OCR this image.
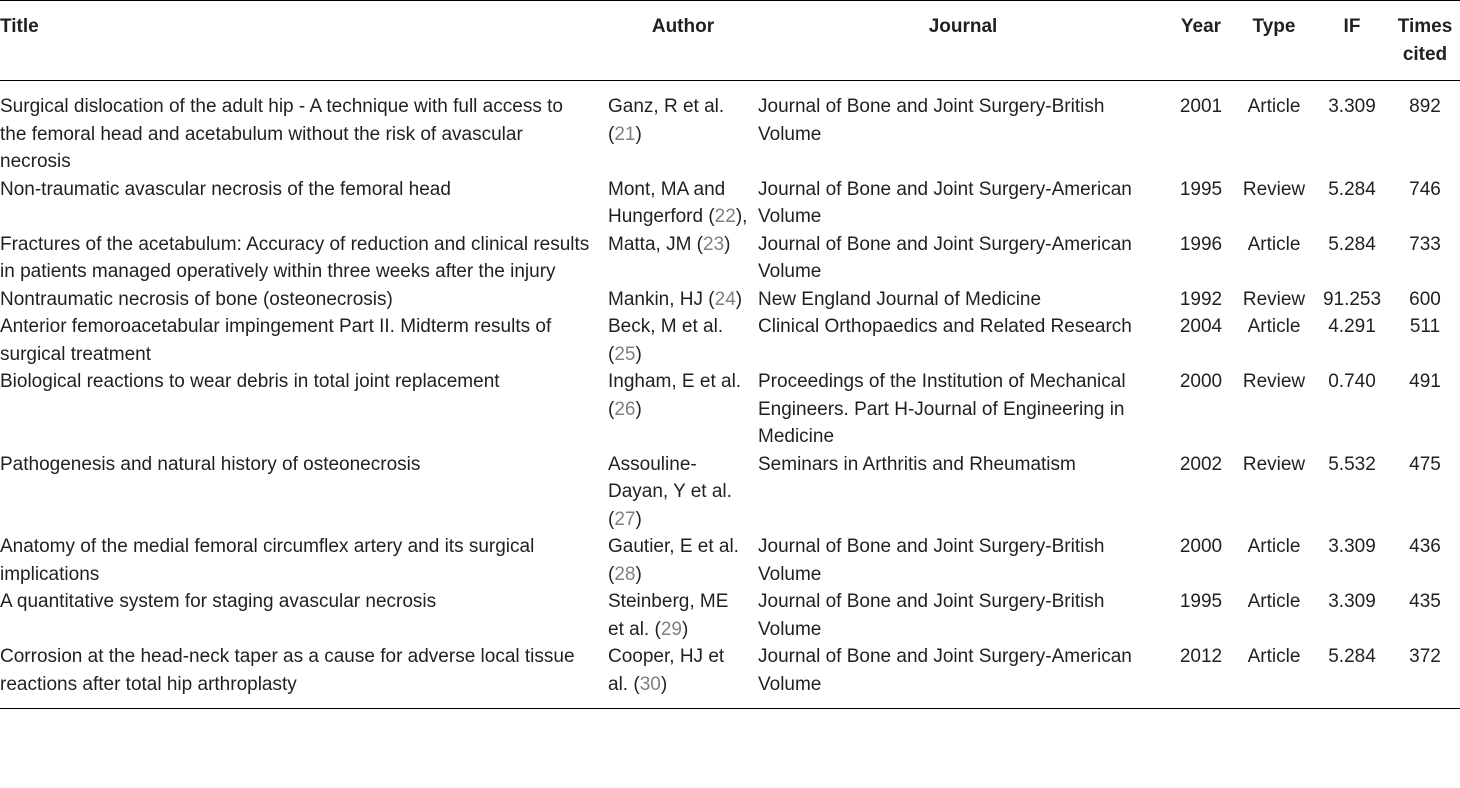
Title	Author	Journal	Year	Type	IF	Times cited
Surgical dislocation of the adult hip - A technique with full access to the femoral head and acetabulum without the risk of avascular necrosis	Ganz, R et al. (21)	Journal of Bone and Joint Surgery-British Volume	2001	Article	3.309	892
Non-traumatic avascular necrosis of the femoral head	Mont, MA and Hungerford (22),	Journal of Bone and Joint Surgery-American Volume	1995	Review	5.284	746
Fractures of the acetabulum: Accuracy of reduction and clinical results in patients managed operatively within three weeks after the injury	Matta, JM (23)	Journal of Bone and Joint Surgery-American Volume	1996	Article	5.284	733
Nontraumatic necrosis of bone (osteonecrosis)	Mankin, HJ (24)	New England Journal of Medicine	1992	Review	91.253	600
Anterior femoroacetabular impingement Part II. Midterm results of surgical treatment	Beck, M et al. (25)	Clinical Orthopaedics and Related Research	2004	Article	4.291	511
Biological reactions to wear debris in total joint replacement	Ingham, E et al. (26)	Proceedings of the Institution of Mechanical Engineers. Part H-Journal of Engineering in Medicine	2000	Review	0.740	491
Pathogenesis and natural history of osteonecrosis	Assouline-Dayan, Y et al. (27)	Seminars in Arthritis and Rheumatism	2002	Review	5.532	475
Anatomy of the medial femoral circumflex artery and its surgical implications	Gautier, E et al. (28)	Journal of Bone and Joint Surgery-British Volume	2000	Article	3.309	436
A quantitative system for staging avascular necrosis	Steinberg, ME et al. (29)	Journal of Bone and Joint Surgery-British Volume	1995	Article	3.309	435
Corrosion at the head-neck taper as a cause for adverse local tissue reactions after total hip arthroplasty	Cooper, HJ et al. (30)	Journal of Bone and Joint Surgery-American Volume	2012	Article	5.284	372
